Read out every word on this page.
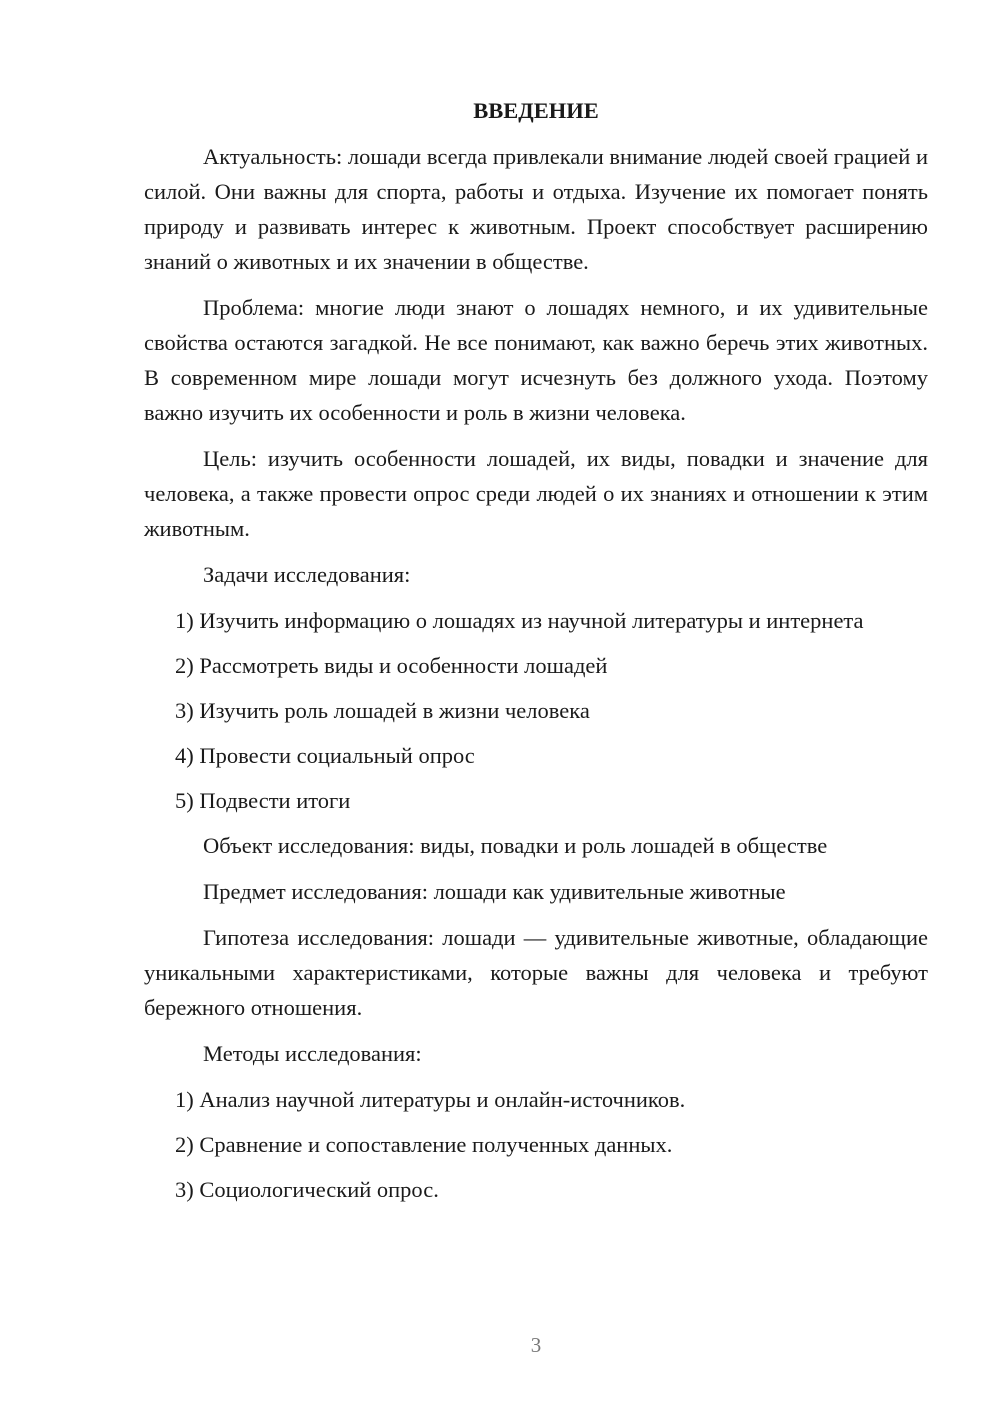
ВВЕДЕНИЕ

Актуальность: лошади всегда привлекали внимание людей своей грацией и силой. Они важны для спорта, работы и отдыха. Изучение их помогает понять природу и развивать интерес к животным. Проект способствует расширению знаний о животных и их значении в обществе.

Проблема: многие люди знают о лошадях немного, и их удивительные свойства остаются загадкой. Не все понимают, как важно беречь этих животных. В современном мире лошади могут исчезнуть без должного ухода. Поэтому важно изучить их особенности и роль в жизни человека.

Цель: изучить особенности лошадей, их виды, повадки и значение для человека, а также провести опрос среди людей о их знаниях и отношении к этим животным.

Задачи исследования:

1) Изучить информацию о лошадях из научной литературы и интернета

2) Рассмотреть виды и особенности лошадей

3) Изучить роль лошадей в жизни человека

4) Провести социальный опрос

5) Подвести итоги

Объект исследования: виды, повадки и роль лошадей в обществе

Предмет исследования: лошади как удивительные животные

Гипотеза исследования: лошади — удивительные животные, обладающие уникальными характеристиками, которые важны для человека и требуют бережного отношения.

Методы исследования:

1) Анализ научной литературы и онлайн-источников.

2) Сравнение и сопоставление полученных данных.

3) Социологический опрос.

3
